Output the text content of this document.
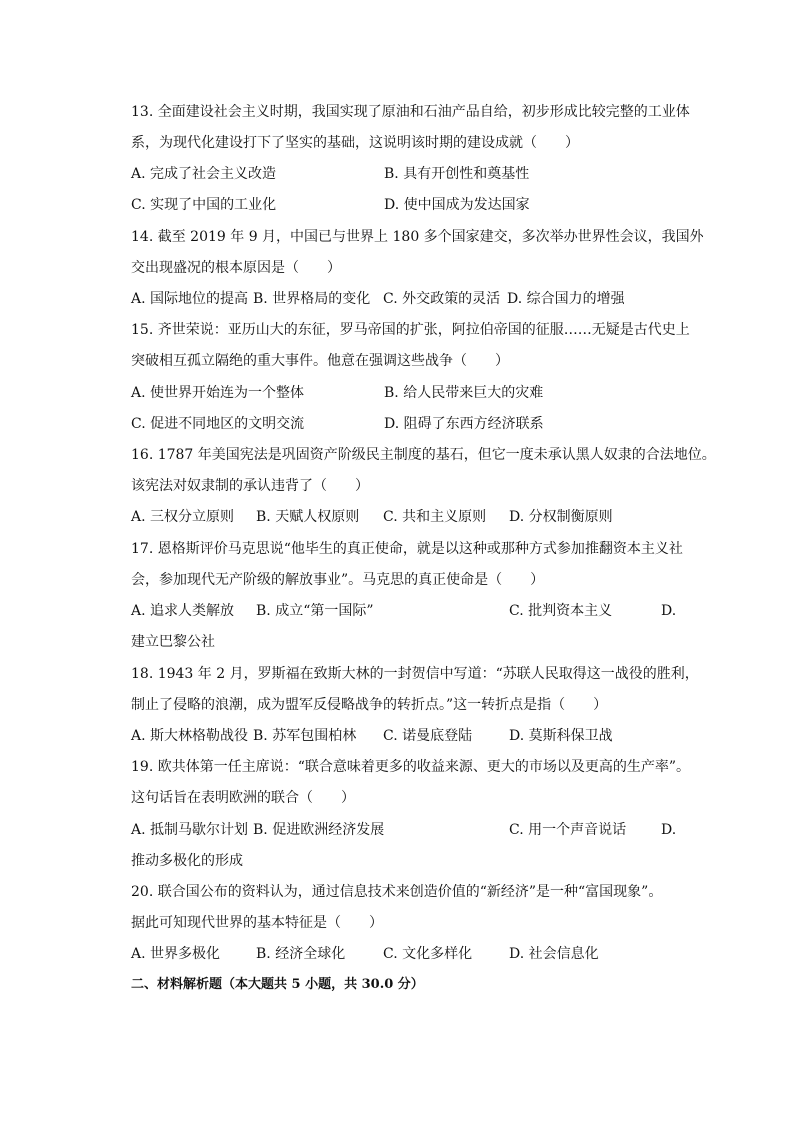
13. 全面建设社会主义时期，我国实现了原油和石油产品自给，初步形成比较完整的工业体
系，为现代化建设打下了坚实的基础，这说明该时期的建设成就（　　）
A. 完成了社会主义改造	B. 具有开创性和奠基性
C. 实现了中国的工业化	D. 使中国成为发达国家
14. 截至 2019 年 9 月，中国已与世界上 180 多个国家建交，多次举办世界性会议，我国外
交出现盛况的根本原因是（　　）
A. 国际地位的提高 B. 世界格局的变化 C. 外交政策的灵活 D. 综合国力的增强
15. 齐世荣说：亚历山大的东征，罗马帝国的扩张，阿拉伯帝国的征服……无疑是古代史上
突破相互孤立隔绝的重大事件。他意在强调这些战争（　　）
A. 使世界开始连为一个整体	B. 给人民带来巨大的灾难
C. 促进不同地区的文明交流	D. 阻碍了东西方经济联系
16. 1787 年美国宪法是巩固资产阶级民主制度的基石，但它一度未承认黑人奴隶的合法地位。
该宪法对奴隶制的承认违背了（　　）
A. 三权分立原则 B. 天赋人权原则 C. 共和主义原则 D. 分权制衡原则
17. 恩格斯评价马克思说“他毕生的真正使命，就是以这种或那种方式参加推翻资本主义社
会，参加现代无产阶级的解放事业”。马克思的真正使命是（　　）
A. 追求人类解放 B. 成立“第一国际”	C. 批判资本主义	D.
建立巴黎公社
18. 1943 年 2 月，罗斯福在致斯大林的一封贺信中写道：“苏联人民取得这一战役的胜利，
制止了侵略的浪潮，成为盟军反侵略战争的转折点。”这一转折点是指（　　）
A. 斯大林格勒战役 B. 苏军包围柏林 C. 诺曼底登陆	D. 莫斯科保卫战
19. 欧共体第一任主席说：“联合意味着更多的收益来源、更大的市场以及更高的生产率”。
这句话旨在表明欧洲的联合（　　）
A. 抵制马歇尔计划 B. 促进欧洲经济发展	C. 用一个声音说话 D.
推动多极化的形成
20. 联合国公布的资料认为，通过信息技术来创造价值的“新经济”是一种“富国现象”。
据此可知现代世界的基本特征是（　　）
A. 世界多极化	B. 经济全球化	C. 文化多样化	D. 社会信息化
二、材料解析题（本大题共 5 小题，共 30.0 分）
